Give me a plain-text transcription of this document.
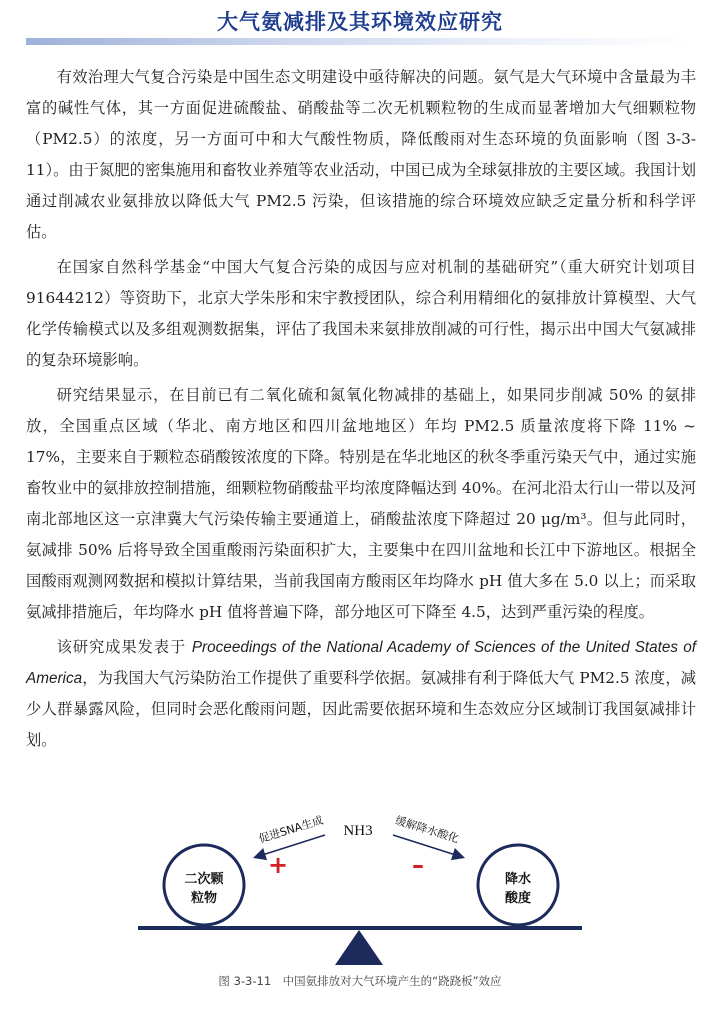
大气氨减排及其环境效应研究

有效治理大气复合污染是中国生态文明建设中亟待解决的问题。氨气是大气环境中含量最为丰富的碱性气体，其一方面促进硫酸盐、硝酸盐等二次无机颗粒物的生成而显著增加大气细颗粒物（PM2.5）的浓度，另一方面可中和大气酸性物质，降低酸雨对生态环境的负面影响（图 3-3-11）。由于氮肥的密集施用和畜牧业养殖等农业活动，中国已成为全球氨排放的主要区域。我国计划通过削减农业氨排放以降低大气 PM2.5 污染，但该措施的综合环境效应缺乏定量分析和科学评估。

在国家自然科学基金“中国大气复合污染的成因与应对机制的基础研究”（重大研究计划项目 91644212）等资助下，北京大学朱彤和宋宇教授团队，综合利用精细化的氨排放计算模型、大气化学传输模式以及多组观测数据集，评估了我国未来氨排放削减的可行性，揭示出中国大气氨减排的复杂环境影响。

研究结果显示，在目前已有二氧化硫和氮氧化物减排的基础上，如果同步削减 50% 的氨排放，全国重点区域（华北、南方地区和四川盆地地区）年均 PM2.5 质量浓度将下降 11% ~ 17%，主要来自于颗粒态硝酸铵浓度的下降。特别是在华北地区的秋冬季重污染天气中，通过实施畜牧业中的氨排放控制措施，细颗粒物硝酸盐平均浓度降幅达到 40%。在河北沿太行山一带以及河南北部地区这一京津冀大气污染传输主要通道上，硝酸盐浓度下降超过 20 μg/m³。但与此同时，氨减排 50% 后将导致全国重酸雨污染面积扩大，主要集中在四川盆地和长江中下游地区。根据全国酸雨观测网数据和模拟计算结果，当前我国南方酸雨区年均降水 pH 值大多在 5.0 以上；而采取氨减排措施后，年均降水 pH 值将普遍下降，部分地区可下降至 4.5，达到严重污染的程度。

该研究成果发表于 Proceedings of the National Academy of Sciences of the United States of America，为我国大气污染防治工作提供了重要科学依据。氨减排有利于降低大气 PM2.5 浓度，减少人群暴露风险，但同时会恶化酸雨问题，因此需要依据环境和生态效应分区域制订我国氨减排计划。

二次颗
粒物
降水
酸度
NH3
促进SNA生成	缓解降水酸化
+	–
图 3-3-11　中国氨排放对大气环境产生的“跷跷板”效应
